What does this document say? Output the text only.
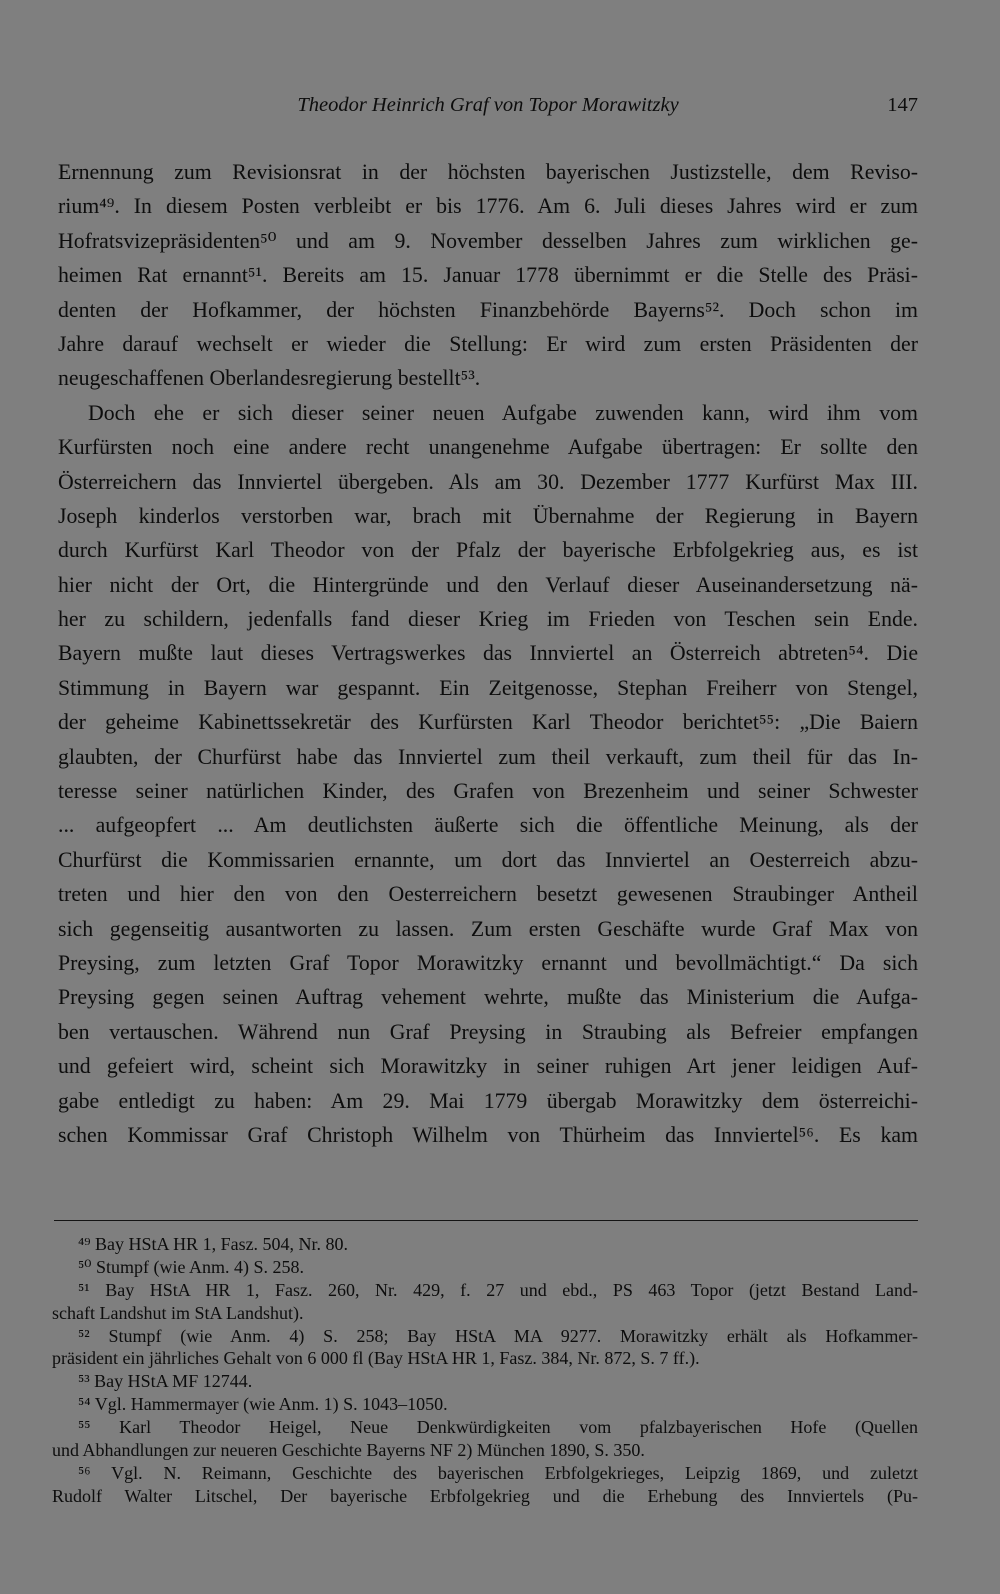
Theodor Heinrich Graf von Topor Morawitzky	147
Ernennung zum Revisionsrat in der höchsten bayerischen Justizstelle, dem Reviso-
rium⁴⁹. In diesem Posten verbleibt er bis 1776. Am 6. Juli dieses Jahres wird er zum
Hofratsvizepräsidenten⁵⁰ und am 9. November desselben Jahres zum wirklichen ge-
heimen Rat ernannt⁵¹. Bereits am 15. Januar 1778 übernimmt er die Stelle des Präsi-
denten der Hofkammer, der höchsten Finanzbehörde Bayerns⁵². Doch schon im
Jahre darauf wechselt er wieder die Stellung: Er wird zum ersten Präsidenten der
neugeschaffenen Oberlandesregierung bestellt⁵³.
Doch ehe er sich dieser seiner neuen Aufgabe zuwenden kann, wird ihm vom
Kurfürsten noch eine andere recht unangenehme Aufgabe übertragen: Er sollte den
Österreichern das Innviertel übergeben. Als am 30. Dezember 1777 Kurfürst Max III.
Joseph kinderlos verstorben war, brach mit Übernahme der Regierung in Bayern
durch Kurfürst Karl Theodor von der Pfalz der bayerische Erbfolgekrieg aus, es ist
hier nicht der Ort, die Hintergründe und den Verlauf dieser Auseinandersetzung nä-
her zu schildern, jedenfalls fand dieser Krieg im Frieden von Teschen sein Ende.
Bayern mußte laut dieses Vertragswerkes das Innviertel an Österreich abtreten⁵⁴. Die
Stimmung in Bayern war gespannt. Ein Zeitgenosse, Stephan Freiherr von Stengel,
der geheime Kabinettssekretär des Kurfürsten Karl Theodor berichtet⁵⁵: „Die Baiern
glaubten, der Churfürst habe das Innviertel zum theil verkauft, zum theil für das In-
teresse seiner natürlichen Kinder, des Grafen von Brezenheim und seiner Schwester
... aufgeopfert ... Am deutlichsten äußerte sich die öffentliche Meinung, als der
Churfürst die Kommissarien ernannte, um dort das Innviertel an Oesterreich abzu-
treten und hier den von den Oesterreichern besetzt gewesenen Straubinger Antheil
sich gegenseitig ausantworten zu lassen. Zum ersten Geschäfte wurde Graf Max von
Preysing, zum letzten Graf Topor Morawitzky ernannt und bevollmächtigt.“ Da sich
Preysing gegen seinen Auftrag vehement wehrte, mußte das Ministerium die Aufga-
ben vertauschen. Während nun Graf Preysing in Straubing als Befreier empfangen
und gefeiert wird, scheint sich Morawitzky in seiner ruhigen Art jener leidigen Auf-
gabe entledigt zu haben: Am 29. Mai 1779 übergab Morawitzky dem österreichi-
schen Kommissar Graf Christoph Wilhelm von Thürheim das Innviertel⁵⁶. Es kam
⁴⁹ Bay HStA HR 1, Fasz. 504, Nr. 80.
⁵⁰ Stumpf (wie Anm. 4) S. 258.
⁵¹ Bay HStA HR 1, Fasz. 260, Nr. 429, f. 27 und ebd., PS 463 Topor (jetzt Bestand Land-
schaft Landshut im StA Landshut).
⁵² Stumpf (wie Anm. 4) S. 258; Bay HStA MA 9277. Morawitzky erhält als Hofkammer-
präsident ein jährliches Gehalt von 6 000 fl (Bay HStA HR 1, Fasz. 384, Nr. 872, S. 7 ff.).
⁵³ Bay HStA MF 12744.
⁵⁴ Vgl. Hammermayer (wie Anm. 1) S. 1043–1050.
⁵⁵ Karl Theodor Heigel, Neue Denkwürdigkeiten vom pfalzbayerischen Hofe (Quellen
und Abhandlungen zur neueren Geschichte Bayerns NF 2) München 1890, S. 350.
⁵⁶ Vgl. N. Reimann, Geschichte des bayerischen Erbfolgekrieges, Leipzig 1869, und zuletzt
Rudolf Walter Litschel, Der bayerische Erbfolgekrieg und die Erhebung des Innviertels (Pu-
